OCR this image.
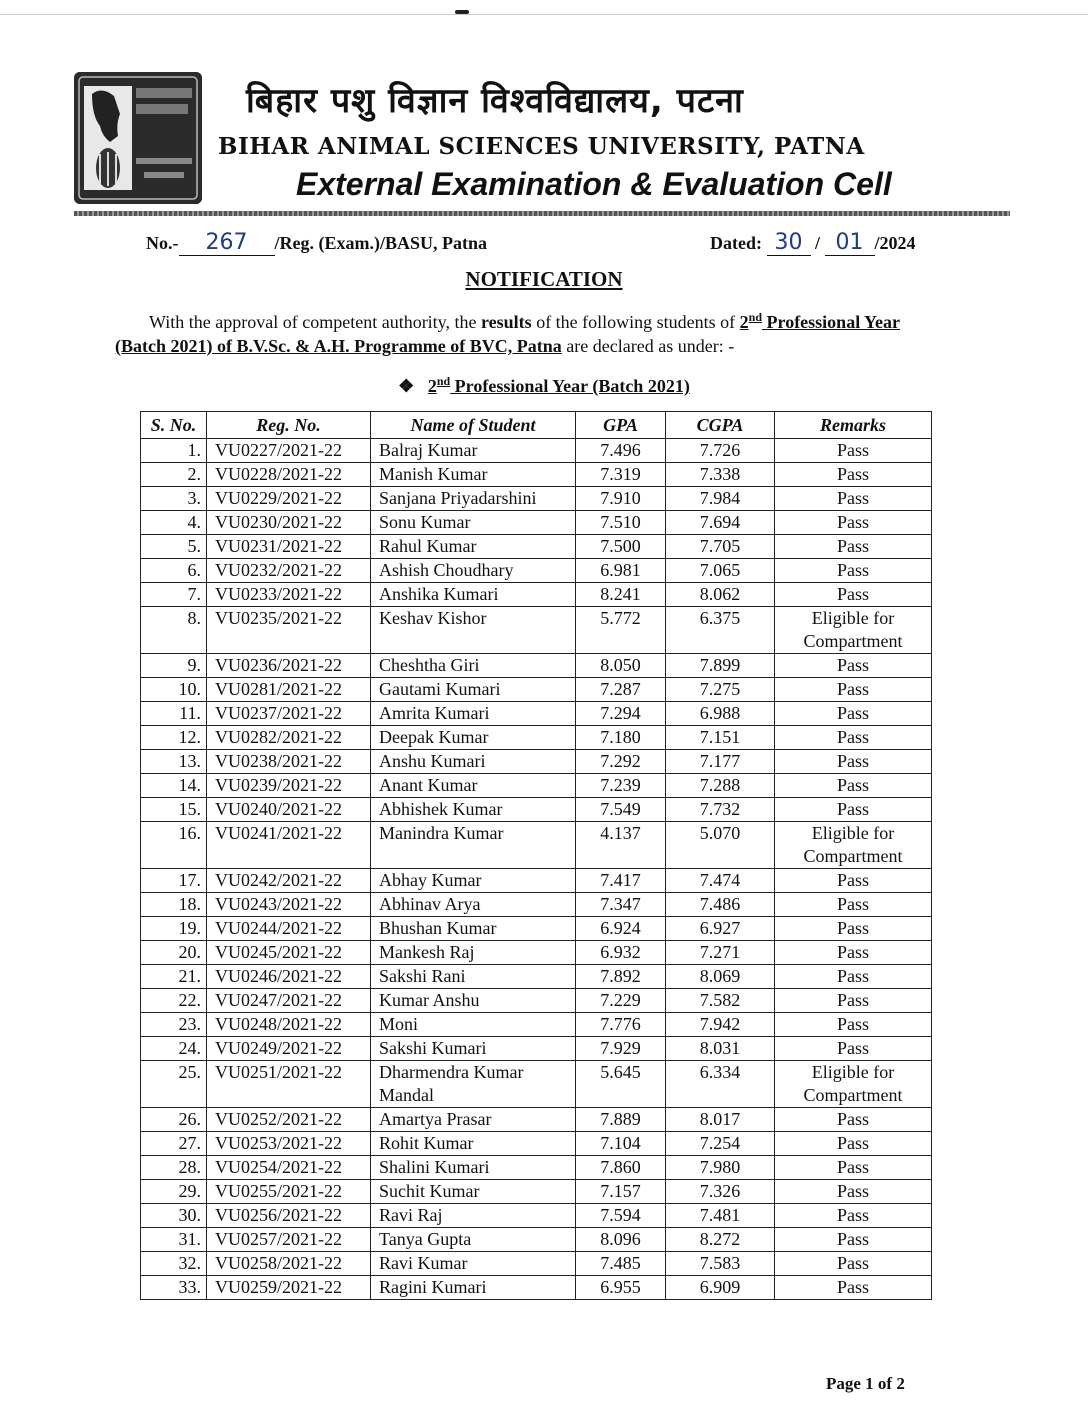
बिहार पशु विज्ञान विश्वविद्यालय, पटना
BIHAR ANIMAL SCIENCES UNIVERSITY, PATNA
External Examination & Evaluation Cell
No.- 267 /Reg. (Exam.)/BASU, Patna	Dated: 30 / 01 /2024
NOTIFICATION
With the approval of competent authority, the results of the following students of 2nd Professional Year (Batch 2021) of B.V.Sc. & A.H. Programme of BVC, Patna are declared as under: -
❖ 2nd Professional Year (Batch 2021)
S. No.	Reg. No.	Name of Student	GPA	CGPA	Remarks
1.	VU0227/2021-22	Balraj Kumar	7.496	7.726	Pass
2.	VU0228/2021-22	Manish Kumar	7.319	7.338	Pass
3.	VU0229/2021-22	Sanjana Priyadarshini	7.910	7.984	Pass
4.	VU0230/2021-22	Sonu Kumar	7.510	7.694	Pass
5.	VU0231/2021-22	Rahul Kumar	7.500	7.705	Pass
6.	VU0232/2021-22	Ashish Choudhary	6.981	7.065	Pass
7.	VU0233/2021-22	Anshika Kumari	8.241	8.062	Pass
8.	VU0235/2021-22	Keshav Kishor	5.772	6.375	Eligible for Compartment
9.	VU0236/2021-22	Cheshtha Giri	8.050	7.899	Pass
10.	VU0281/2021-22	Gautami Kumari	7.287	7.275	Pass
11.	VU0237/2021-22	Amrita Kumari	7.294	6.988	Pass
12.	VU0282/2021-22	Deepak Kumar	7.180	7.151	Pass
13.	VU0238/2021-22	Anshu Kumari	7.292	7.177	Pass
14.	VU0239/2021-22	Anant Kumar	7.239	7.288	Pass
15.	VU0240/2021-22	Abhishek Kumar	7.549	7.732	Pass
16.	VU0241/2021-22	Manindra Kumar	4.137	5.070	Eligible for Compartment
17.	VU0242/2021-22	Abhay Kumar	7.417	7.474	Pass
18.	VU0243/2021-22	Abhinav Arya	7.347	7.486	Pass
19.	VU0244/2021-22	Bhushan Kumar	6.924	6.927	Pass
20.	VU0245/2021-22	Mankesh Raj	6.932	7.271	Pass
21.	VU0246/2021-22	Sakshi Rani	7.892	8.069	Pass
22.	VU0247/2021-22	Kumar Anshu	7.229	7.582	Pass
23.	VU0248/2021-22	Moni	7.776	7.942	Pass
24.	VU0249/2021-22	Sakshi Kumari	7.929	8.031	Pass
25.	VU0251/2021-22	Dharmendra Kumar Mandal	5.645	6.334	Eligible for Compartment
26.	VU0252/2021-22	Amartya Prasar	7.889	8.017	Pass
27.	VU0253/2021-22	Rohit Kumar	7.104	7.254	Pass
28.	VU0254/2021-22	Shalini Kumari	7.860	7.980	Pass
29.	VU0255/2021-22	Suchit Kumar	7.157	7.326	Pass
30.	VU0256/2021-22	Ravi Raj	7.594	7.481	Pass
31.	VU0257/2021-22	Tanya Gupta	8.096	8.272	Pass
32.	VU0258/2021-22	Ravi Kumar	7.485	7.583	Pass
33.	VU0259/2021-22	Ragini Kumari	6.955	6.909	Pass
Page 1 of 2
